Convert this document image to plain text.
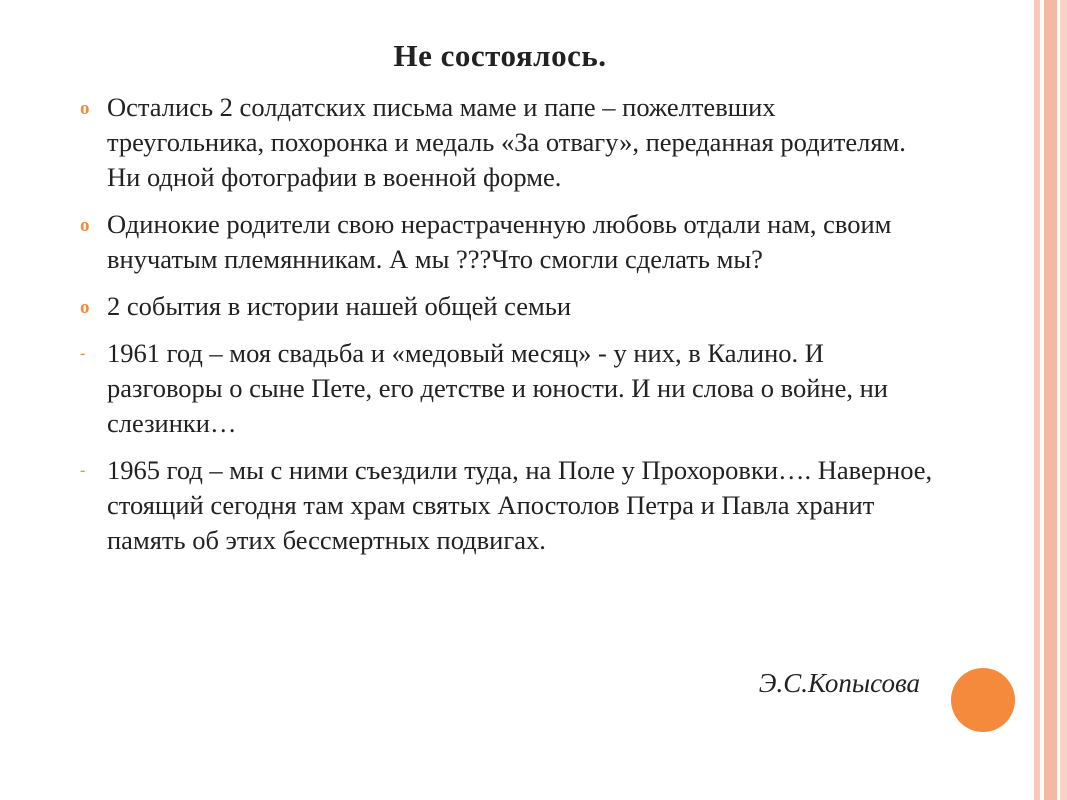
Не состоялось.
o Остались 2 солдатских письма маме и папе – пожелтевших треугольника, похоронка и медаль «За отвагу», переданная родителям. Ни одной фотографии в военной форме.
o Одинокие родители свою нерастраченную любовь отдали нам, своим внучатым племянникам. А мы ???Что смогли сделать мы?
o 2 события в истории нашей общей семьи
- 1961 год – моя свадьба и «медовый месяц» - у них, в Калино. И разговоры о сыне Пете, его детстве и юности. И ни слова о войне, ни слезинки…
- 1965 год – мы с ними съездили туда, на Поле у Прохоровки…. Наверное, стоящий сегодня там храм святых Апостолов Петра и Павла хранит память об этих бессмертных подвигах.
Э.С.Копысова
